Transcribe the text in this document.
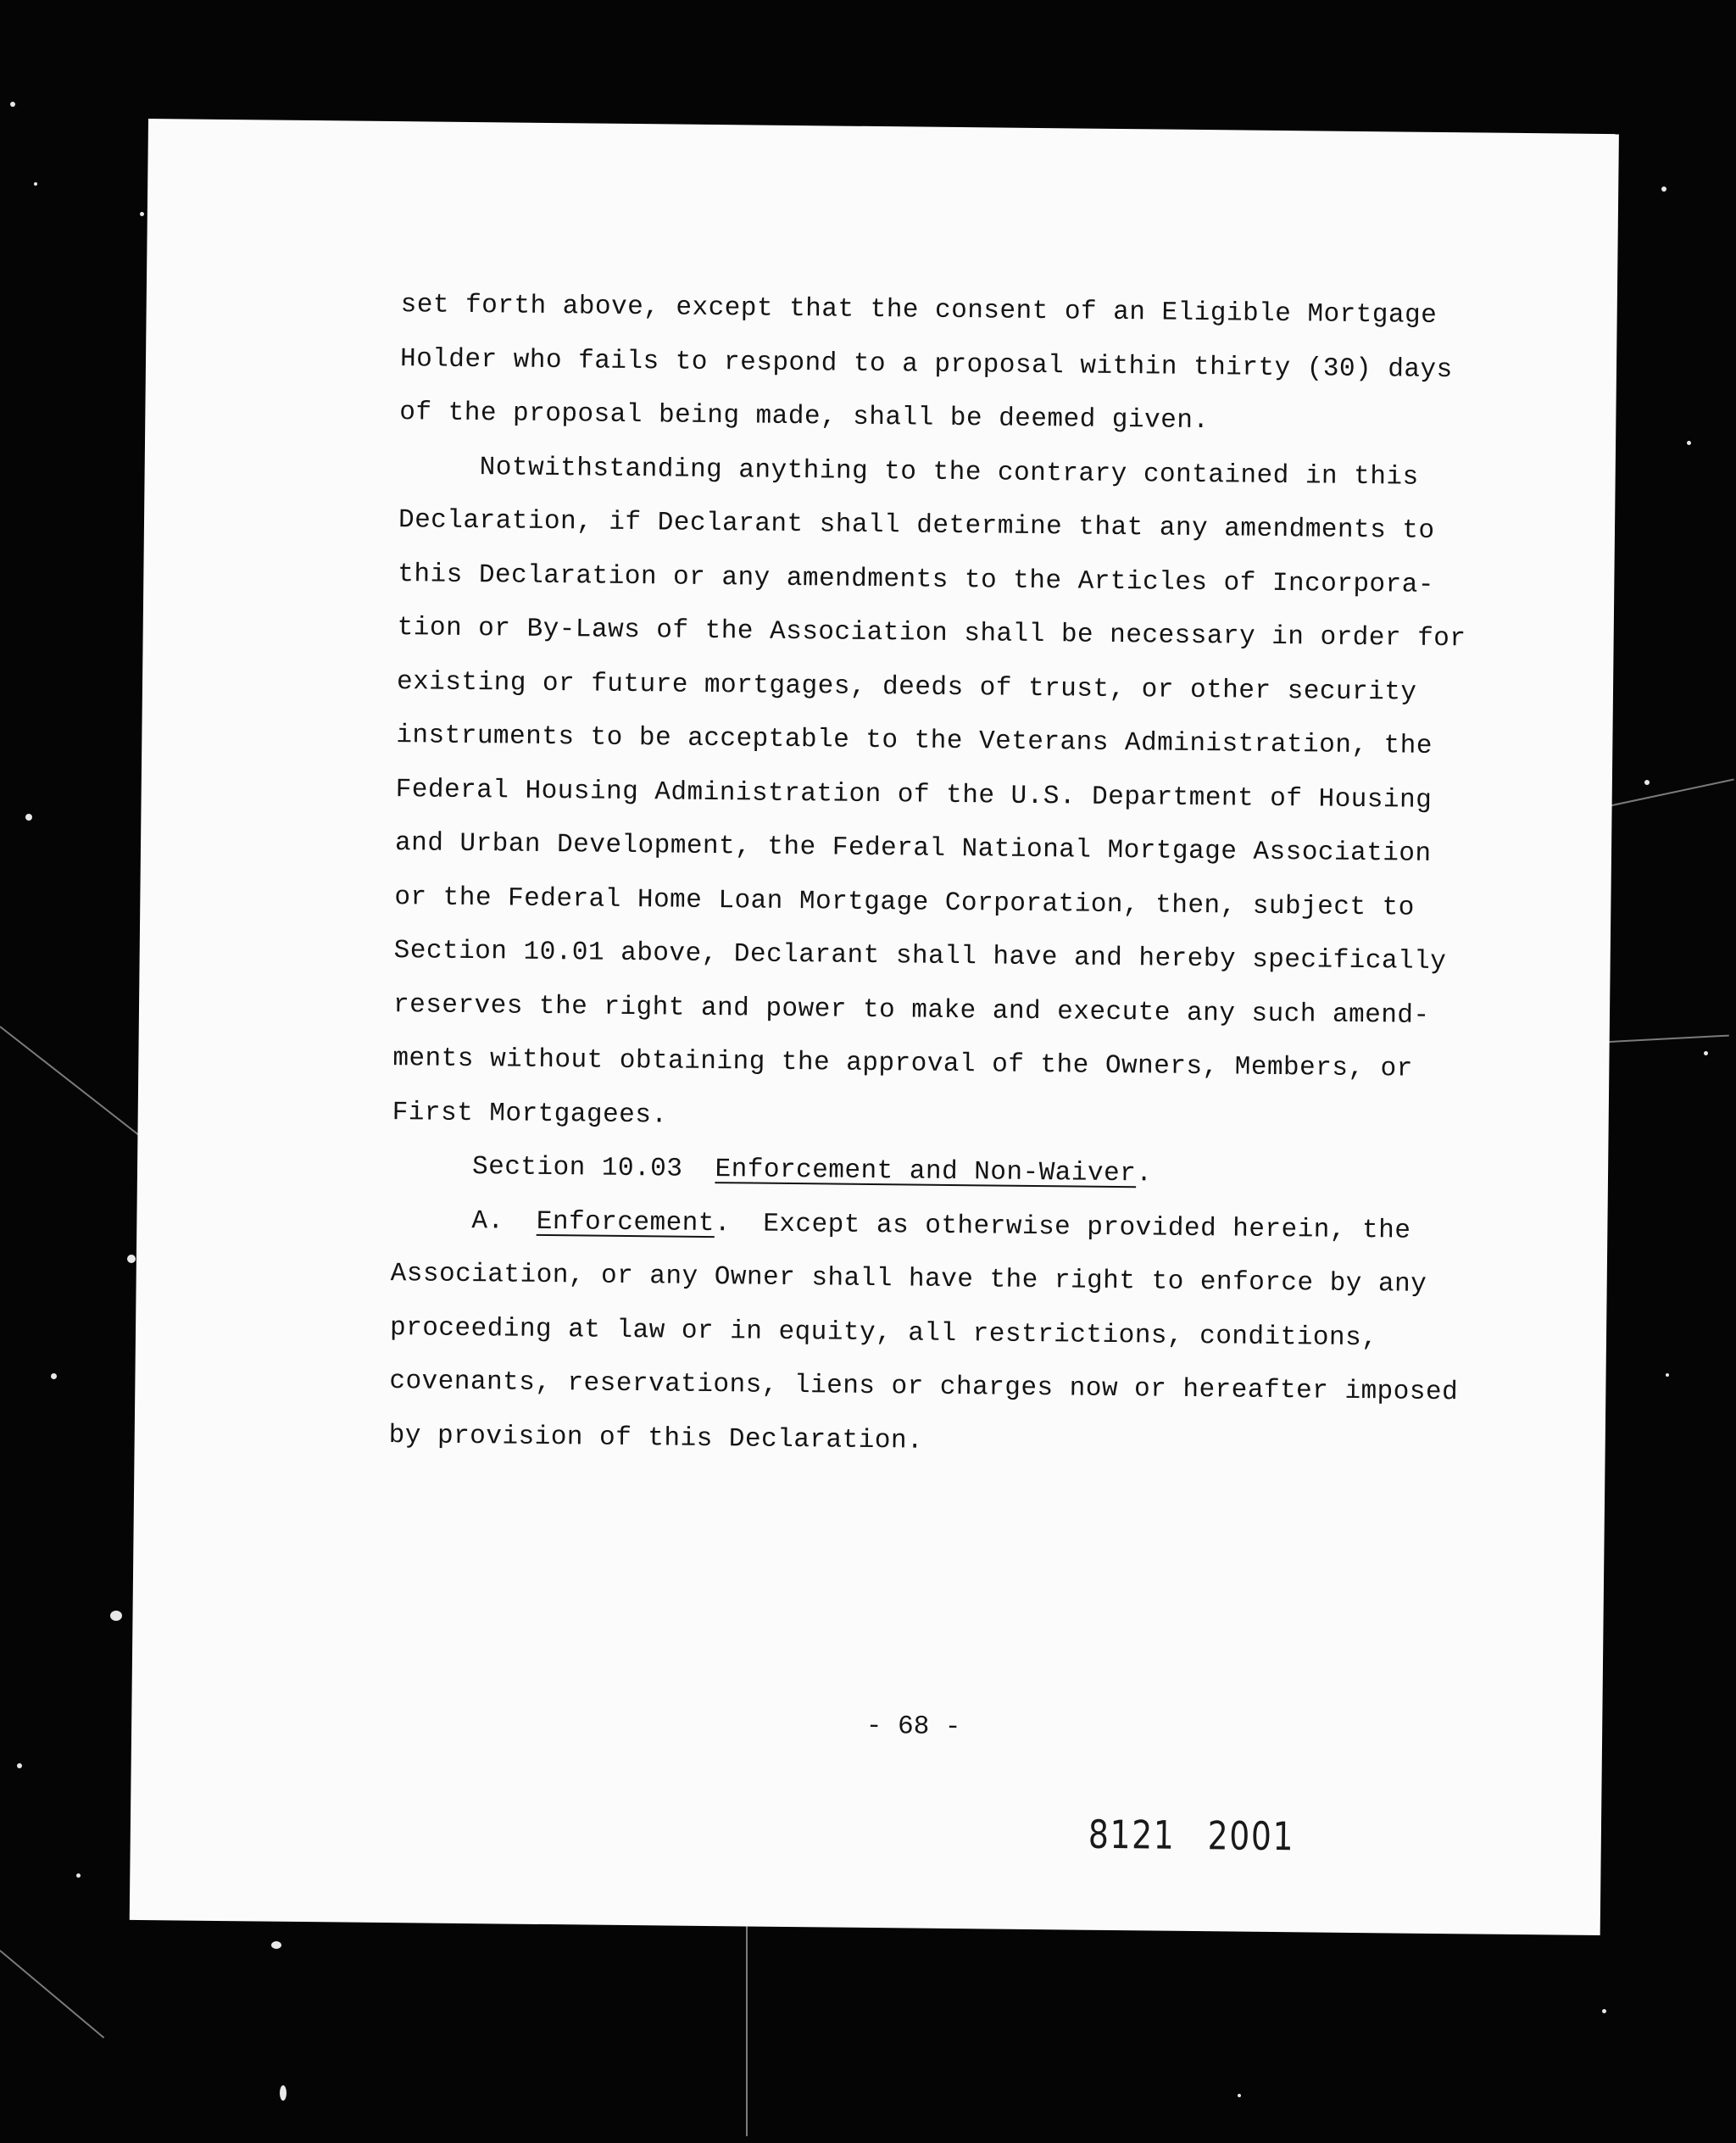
set forth above, except that the consent of an Eligible Mortgage
Holder who fails to respond to a proposal within thirty (30) days
of the proposal being made, shall be deemed given.

Notwithstanding anything to the contrary contained in this
Declaration, if Declarant shall determine that any amendments to
this Declaration or any amendments to the Articles of Incorpora-
tion or By-Laws of the Association shall be necessary in order for
existing or future mortgages, deeds of trust, or other security
instruments to be acceptable to the Veterans Administration, the
Federal Housing Administration of the U.S. Department of Housing
and Urban Development, the Federal National Mortgage Association
or the Federal Home Loan Mortgage Corporation, then, subject to
Section 10.01 above, Declarant shall have and hereby specifically
reserves the right and power to make and execute any such amend-
ments without obtaining the approval of the Owners, Members, or
First Mortgagees.

Section 10.03 Enforcement and Non-Waiver.

A. Enforcement. Except as otherwise provided herein, the
Association, or any Owner shall have the right to enforce by any
proceeding at law or in equity, all restrictions, conditions,
covenants, reservations, liens or charges now or hereafter imposed
by provision of this Declaration.

- 68 -
8121 2001
